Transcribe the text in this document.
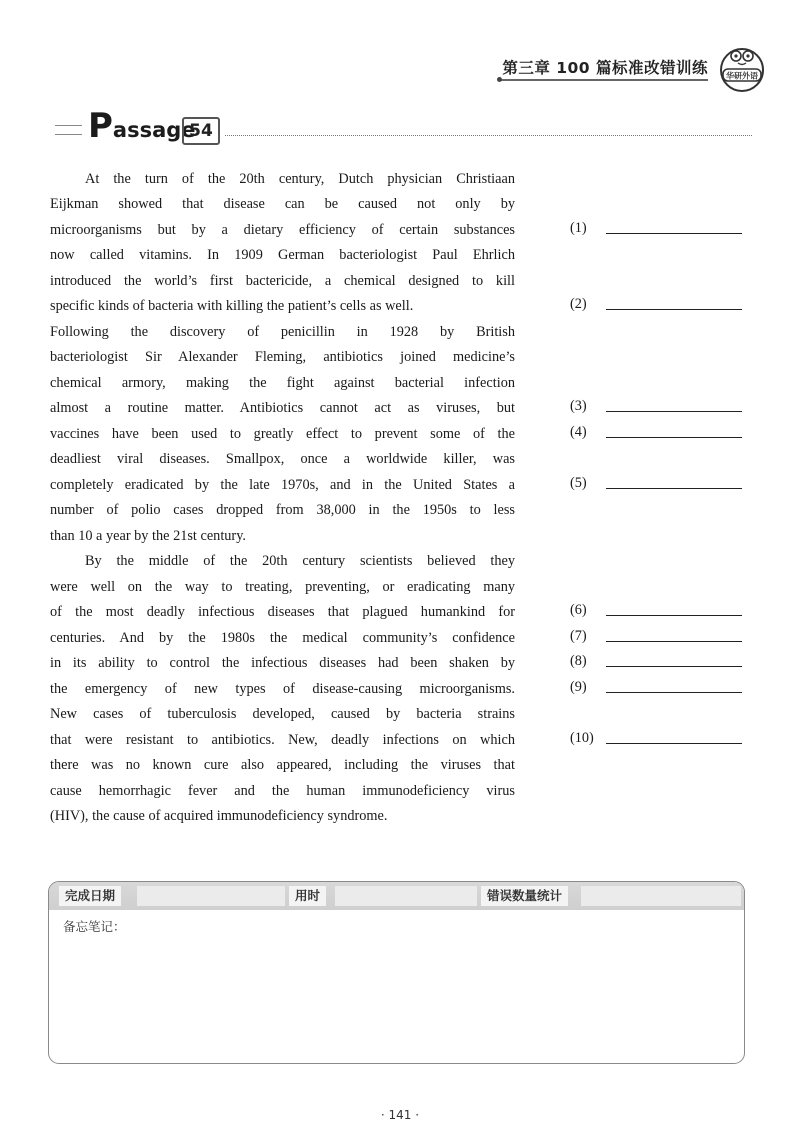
第三章 100 篇标准改错训练 华研外语
Passage
54
At the turn of the 20th century, Dutch physician Christiaan
Eijkman showed that disease can be caused not only by
microorganisms but by a dietary efficiency of certain substances
now called vitamins. In 1909 German bacteriologist Paul Ehrlich
introduced the world’s first bactericide, a chemical designed to kill
specific kinds of bacteria with killing the patient’s cells as well.
Following the discovery of penicillin in 1928 by British
bacteriologist Sir Alexander Fleming, antibiotics joined medicine’s
chemical armory, making the fight against bacterial infection
almost a routine matter. Antibiotics cannot act as viruses, but
vaccines have been used to greatly effect to prevent some of the
deadliest viral diseases. Smallpox, once a worldwide killer, was
completely eradicated by the late 1970s, and in the United States a
number of polio cases dropped from 38,000 in the 1950s to less
than 10 a year by the 21st century.
By the middle of the 20th century scientists believed they
were well on the way to treating, preventing, or eradicating many
of the most deadly infectious diseases that plagued humankind for
centuries. And by the 1980s the medical community’s confidence
in its ability to control the infectious diseases had been shaken by
the emergency of new types of disease-causing microorganisms.
New cases of tuberculosis developed, caused by bacteria strains
that were resistant to antibiotics. New, deadly infections on which
there was no known cure also appeared, including the viruses that
cause hemorrhagic fever and the human immunodeficiency virus
(HIV), the cause of acquired immunodeficiency syndrome.
(1)
(2)
(3)
(4)
(5)
(6)
(7)
(8)
(9)
(10)
完成日期	用时	错误数量统计
备忘笔记：
· 141 ·
